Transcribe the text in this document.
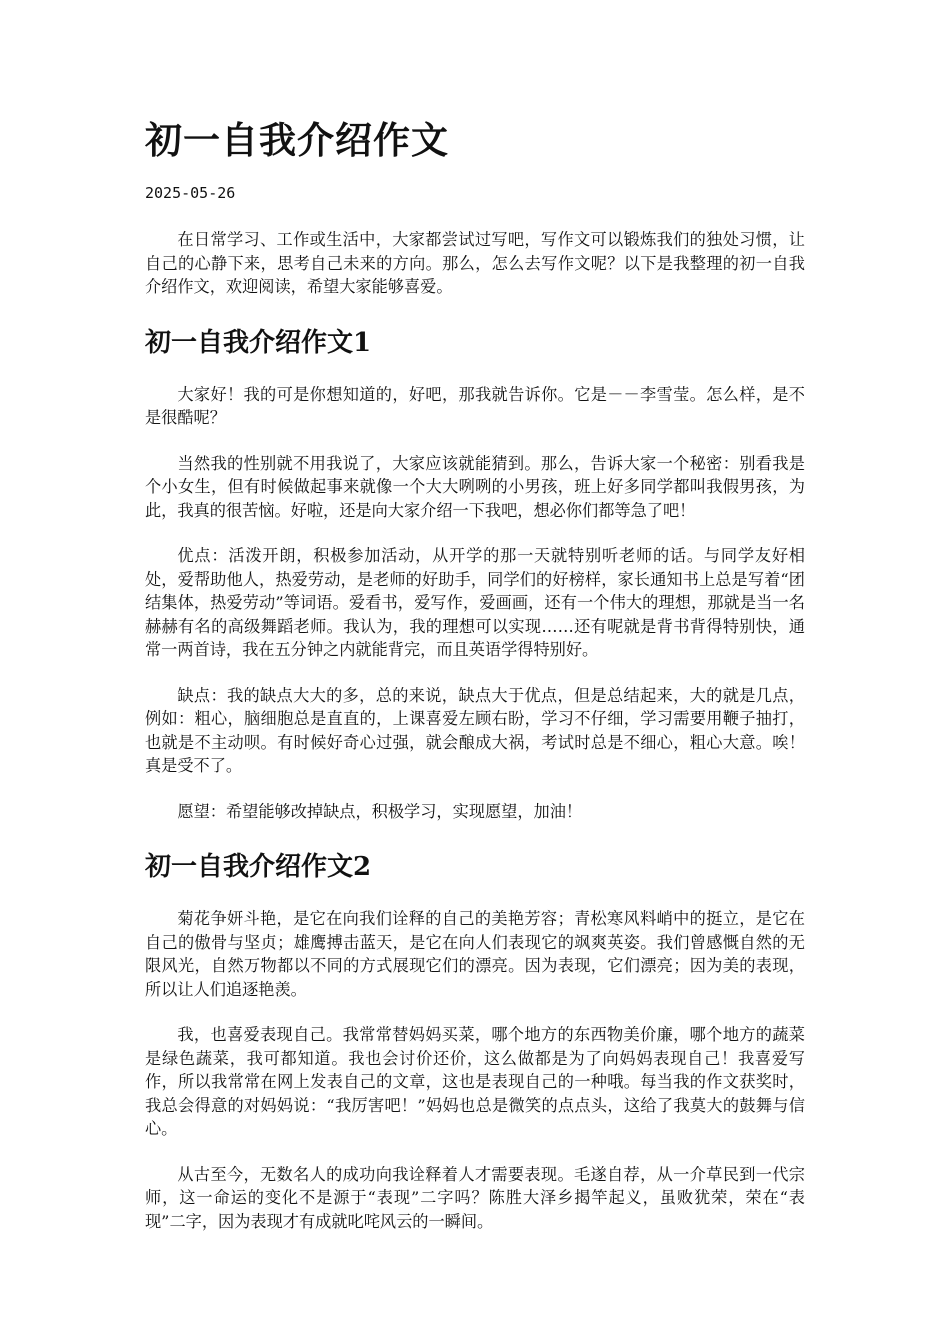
初一自我介绍作文
2025-05-26

在日常学习、工作或生活中，大家都尝试过写吧，写作文可以锻炼我们的独处习惯，让自己的心静下来，思考自己未来的方向。那么，怎么去写作文呢？以下是我整理的初一自我介绍作文，欢迎阅读，希望大家能够喜爱。

初一自我介绍作文1

大家好！我的可是你想知道的，好吧，那我就告诉你。它是－－李雪莹。怎么样，是不是很酷呢？

当然我的性别就不用我说了，大家应该就能猜到。那么，告诉大家一个秘密：别看我是个小女生，但有时候做起事来就像一个大大咧咧的小男孩，班上好多同学都叫我假男孩，为此，我真的很苦恼。好啦，还是向大家介绍一下我吧，想必你们都等急了吧！

优点：活泼开朗，积极参加活动，从开学的那一天就特别听老师的话。与同学友好相处，爱帮助他人，热爱劳动，是老师的好助手，同学们的好榜样，家长通知书上总是写着“团结集体，热爱劳动”等词语。爱看书，爱写作，爱画画，还有一个伟大的理想，那就是当一名赫赫有名的高级舞蹈老师。我认为，我的理想可以实现……还有呢就是背书背得特别快，通常一两首诗，我在五分钟之内就能背完，而且英语学得特别好。

缺点：我的缺点大大的多，总的来说，缺点大于优点，但是总结起来，大的就是几点，例如：粗心，脑细胞总是直直的，上课喜爱左顾右盼，学习不仔细，学习需要用鞭子抽打，也就是不主动呗。有时候好奇心过强，就会酿成大祸，考试时总是不细心，粗心大意。唉！真是受不了。

愿望：希望能够改掉缺点，积极学习，实现愿望，加油！

初一自我介绍作文2

菊花争妍斗艳，是它在向我们诠释的自己的美艳芳容；青松寒风料峭中的挺立，是它在自己的傲骨与坚贞；雄鹰搏击蓝天，是它在向人们表现它的飒爽英姿。我们曾感慨自然的无限风光，自然万物都以不同的方式展现它们的漂亮。因为表现，它们漂亮；因为美的表现，所以让人们追逐艳羡。

我，也喜爱表现自己。我常常替妈妈买菜，哪个地方的东西物美价廉，哪个地方的蔬菜是绿色蔬菜，我可都知道。我也会讨价还价，这么做都是为了向妈妈表现自己！我喜爱写作，所以我常常在网上发表自己的文章，这也是表现自己的一种哦。每当我的作文获奖时，我总会得意的对妈妈说：“我厉害吧！”妈妈也总是微笑的点点头，这给了我莫大的鼓舞与信心。

从古至今，无数名人的成功向我诠释着人才需要表现。毛遂自荐，从一介草民到一代宗师，这一命运的变化不是源于“表现”二字吗？陈胜大泽乡揭竿起义，虽败犹荣，荣在“表现”二字，因为表现才有成就叱咤风云的一瞬间。
